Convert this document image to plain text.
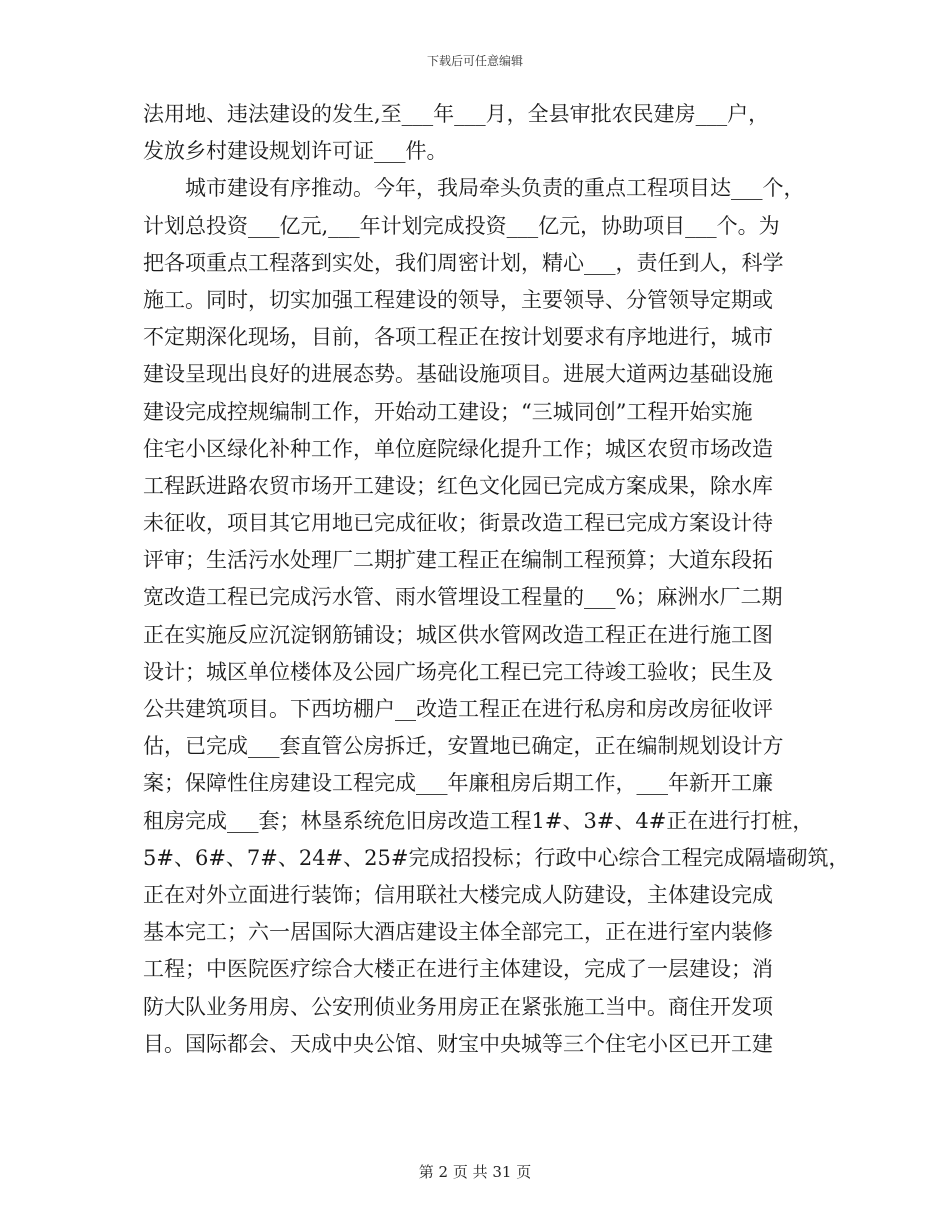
下载后可任意编辑
法用地、违法建设的发生,至___年___月，全县审批农民建房___户，
发放乡村建设规划许可证___件。
　　城市建设有序推动。今年，我局牵头负责的重点工程项目达___个，
计划总投资___亿元,___年计划完成投资___亿元，协助项目___个。为
把各项重点工程落到实处，我们周密计划，精心___，责任到人，科学
施工。同时，切实加强工程建设的领导，主要领导、分管领导定期或
不定期深化现场，目前，各项工程正在按计划要求有序地进行，城市
建设呈现出良好的进展态势。基础设施项目。进展大道两边基础设施
建设完成控规编制工作，开始动工建设；“三城同创”工程开始实施
住宅小区绿化补种工作，单位庭院绿化提升工作；城区农贸市场改造
工程跃进路农贸市场开工建设；红色文化园已完成方案成果，除水库
未征收，项目其它用地已完成征收；街景改造工程已完成方案设计待
评审；生活污水处理厂二期扩建工程正在编制工程预算；大道东段拓
宽改造工程已完成污水管、雨水管埋设工程量的___%；麻洲水厂二期
正在实施反应沉淀钢筋铺设；城区供水管网改造工程正在进行施工图
设计；城区单位楼体及公园广场亮化工程已完工待竣工验收；民生及
公共建筑项目。下西坊棚户__改造工程正在进行私房和房改房征收评
估，已完成___套直管公房拆迁，安置地已确定，正在编制规划设计方
案；保障性住房建设工程完成___年廉租房后期工作，___年新开工廉
租房完成___套；林垦系统危旧房改造工程1#、3#、4#正在进行打桩，
5#、6#、7#、24#、25#完成招投标；行政中心综合工程完成隔墙砌筑，
正在对外立面进行装饰；信用联社大楼完成人防建设，主体建设完成
基本完工；六一居国际大酒店建设主体全部完工，正在进行室内装修
工程；中医院医疗综合大楼正在进行主体建设，完成了一层建设；消
防大队业务用房、公安刑侦业务用房正在紧张施工当中。商住开发项
目。国际都会、天成中央公馆、财宝中央城等三个住宅小区已开工建
第 2 页 共 31 页
